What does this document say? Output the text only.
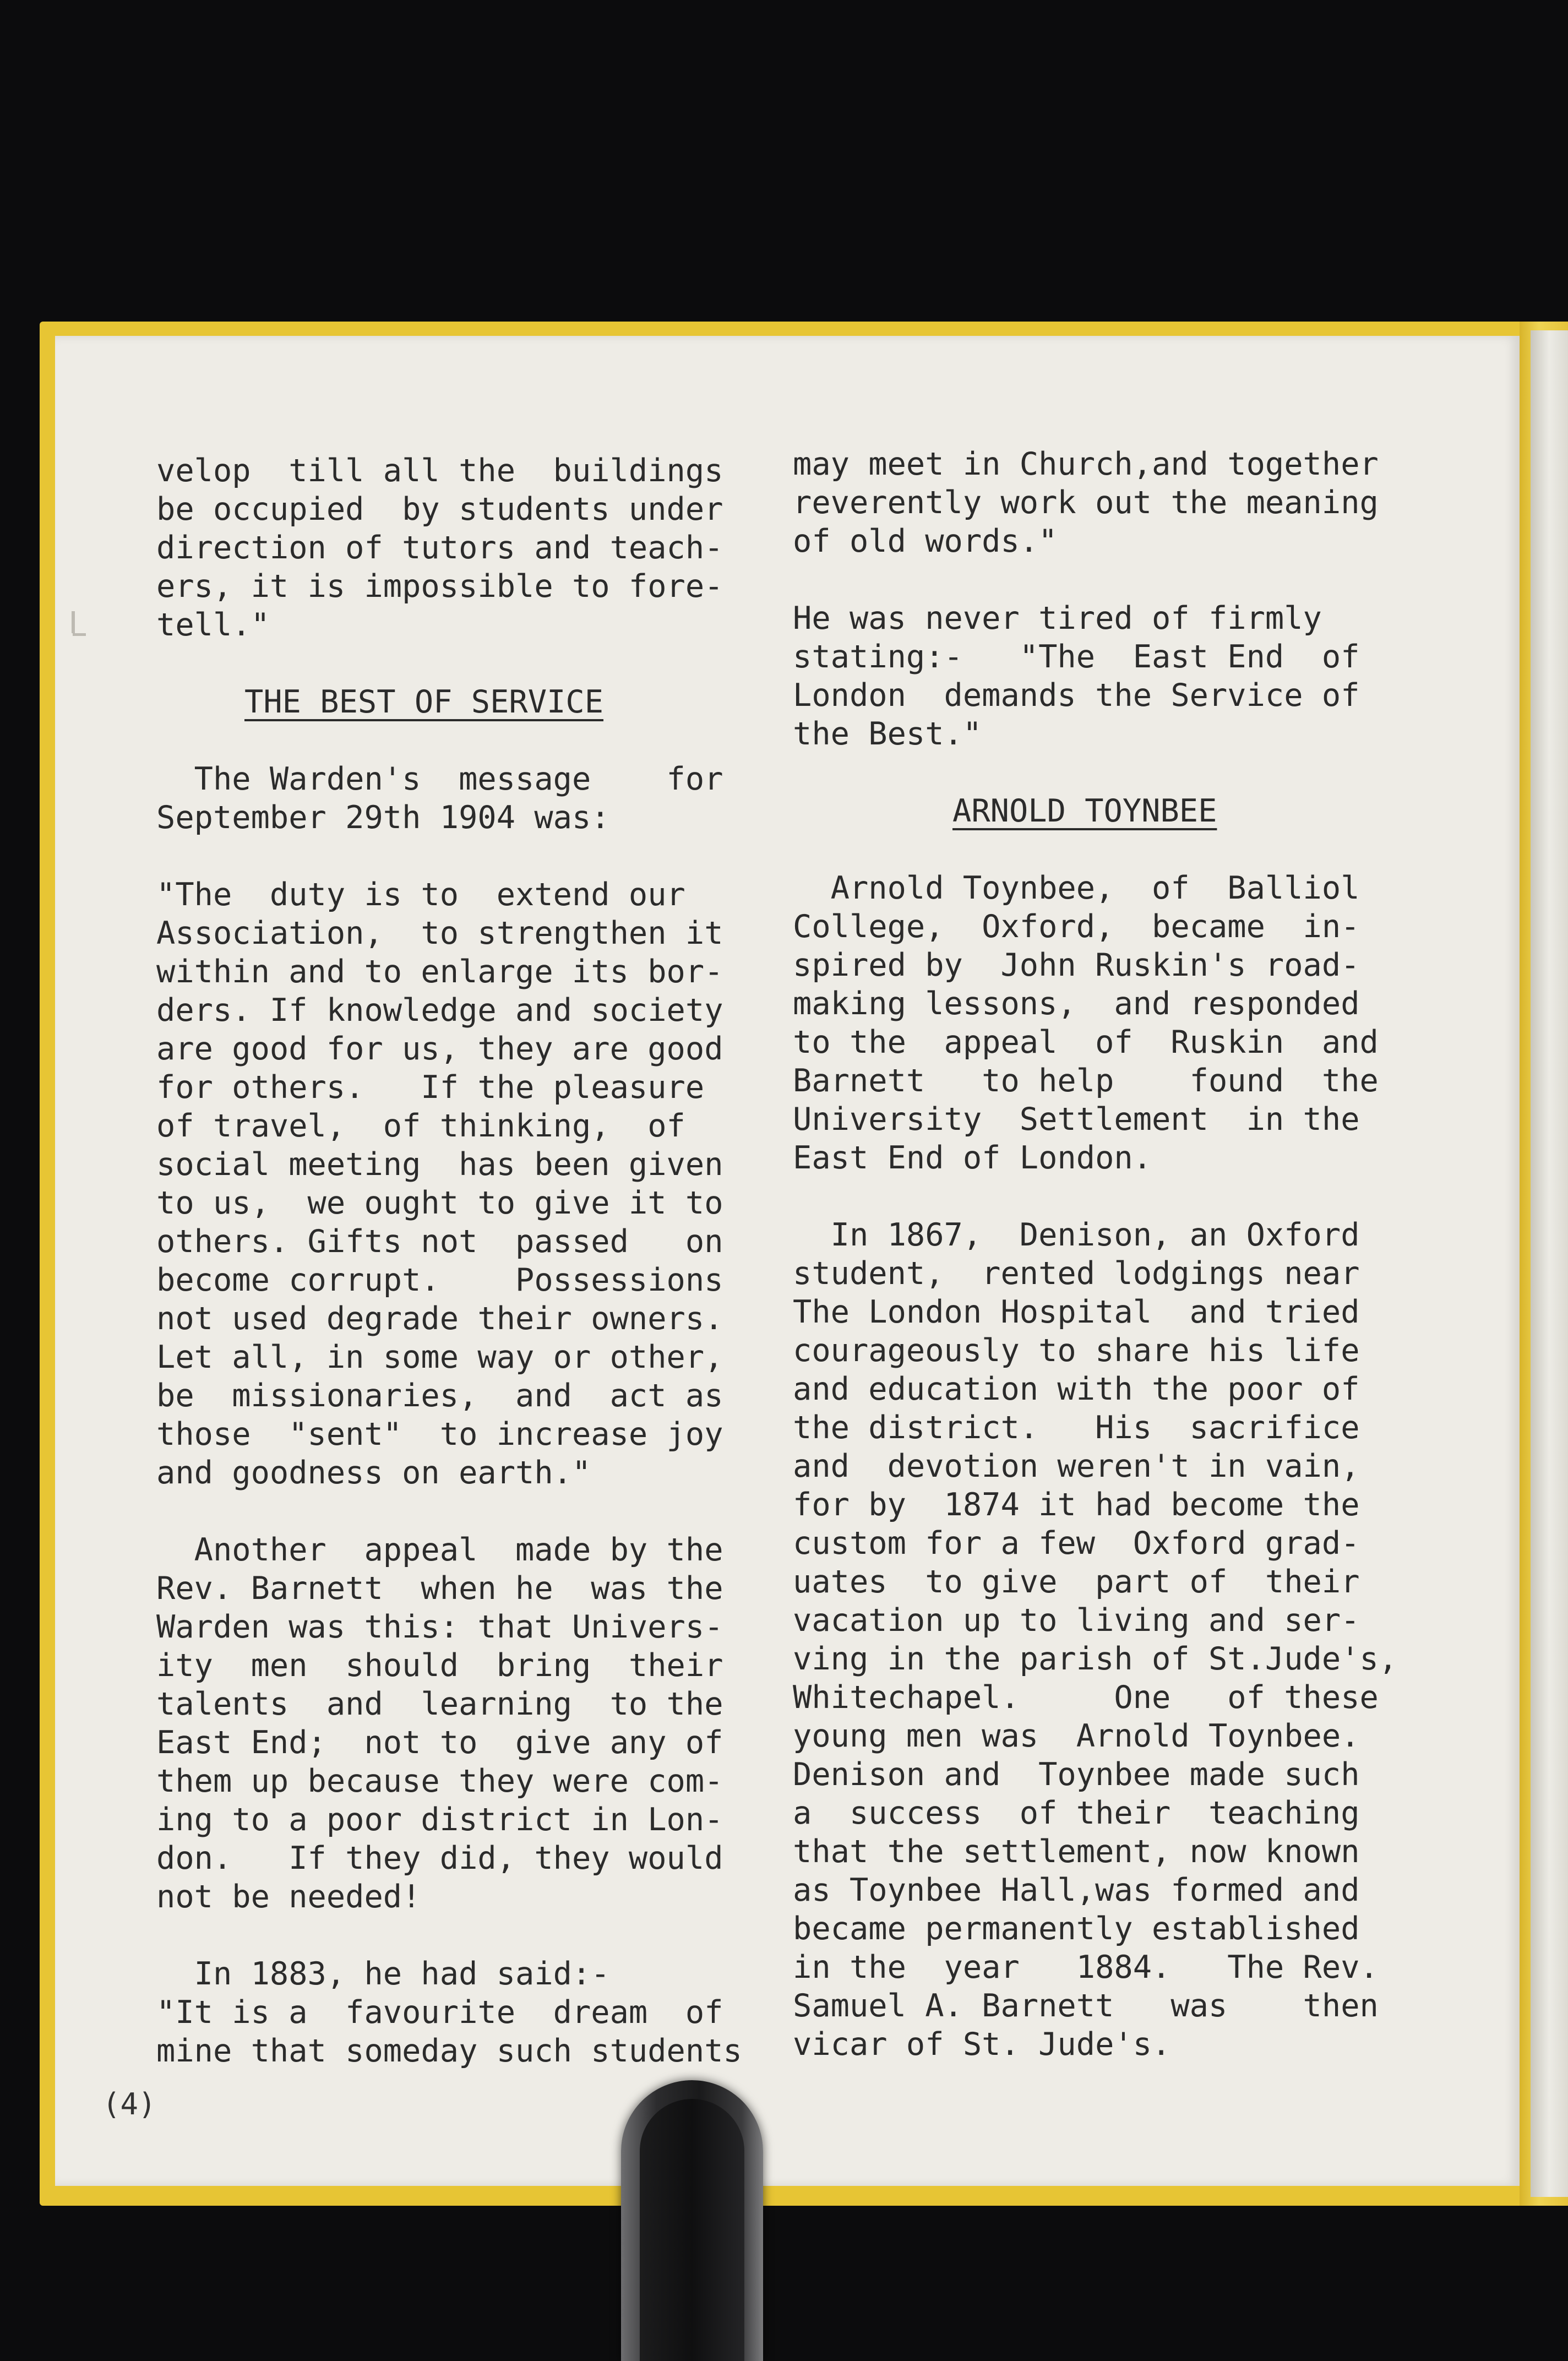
velop  till all the  buildings
be occupied  by students under
direction of tutors and teach-
ers, it is impossible to fore-
tell."
THE BEST OF SERVICE
The Warden's  message    for
September 29th 1904 was:
"The  duty is to  extend our
Association,  to strengthen it
within and to enlarge its bor-
ders. If knowledge and society
are good for us, they are good
for others.   If the pleasure
of travel,  of thinking,  of
social meeting  has been given
to us,  we ought to give it to
others. Gifts not  passed   on
become corrupt.    Possessions
not used degrade their owners.
Let all, in some way or other,
be  missionaries,  and  act as
those  "sent"  to increase joy
and goodness on earth."
Another  appeal  made by the
Rev. Barnett  when he  was the
Warden was this: that Univers-
ity  men  should  bring  their
talents  and  learning  to the
East End;  not to  give any of
them up because they were com-
ing to a poor district in Lon-
don.   If they did, they would
not be needed!
In 1883, he had said:-
"It is a  favourite  dream  of
mine that someday such students
may meet in Church,and together
reverently work out the meaning
of old words."
He was never tired of firmly
stating:-   "The  East End  of
London  demands the Service of
the Best."
ARNOLD TOYNBEE
Arnold Toynbee,  of  Balliol
College,  Oxford,  became  in-
spired by  John Ruskin's road-
making lessons,  and responded
to the  appeal  of  Ruskin  and
Barnett   to help    found  the
University  Settlement  in the
East End of London.
In 1867,  Denison, an Oxford
student,  rented lodgings near
The London Hospital  and tried
courageously to share his life
and education with the poor of
the district.   His  sacrifice
and  devotion weren't in vain,
for by  1874 it had become the
custom for a few  Oxford grad-
uates  to give  part of  their
vacation up to living and ser-
ving in the parish of St.Jude's,
Whitechapel.     One   of these
young men was  Arnold Toynbee.
Denison and  Toynbee made such
a  success  of their  teaching
that the settlement, now known
as Toynbee Hall,was formed and
became permanently established
in the  year   1884.   The Rev.
Samuel A. Barnett   was    then
vicar of St. Jude's.
(4)
